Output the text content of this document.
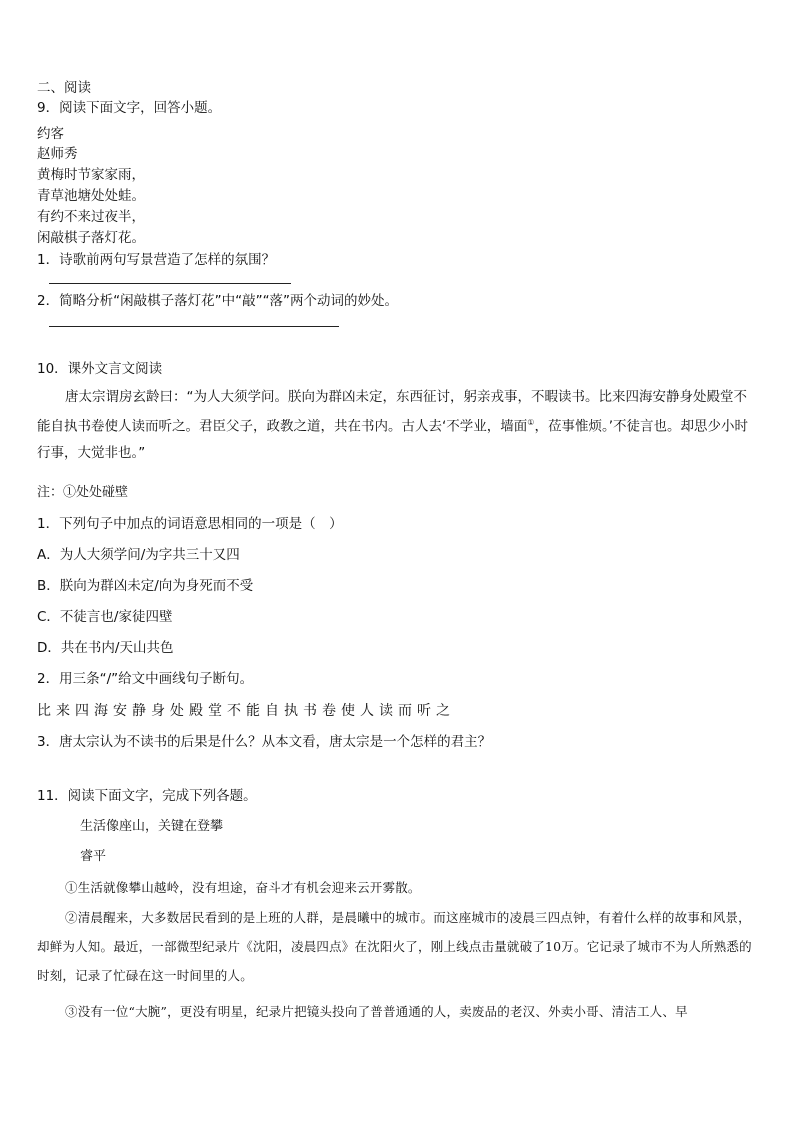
二、阅读
9．阅读下面文字，回答小题。
约客
赵师秀
黄梅时节家家雨，
青草池塘处处蛙。
有约不来过夜半，
闲敲棋子落灯花。
1．诗歌前两句写景营造了怎样的氛围？
2．简略分析“闲敲棋子落灯花”中“敲”“落”两个动词的妙处。
10．课外文言文阅读
唐太宗谓房玄龄曰：“为人大须学问。朕向为群凶未定，东西征讨，躬亲戎事，不暇读书。比来四海安静身处殿堂不能自执书卷使人读而听之。君臣父子，政教之道，共在书内。古人去‘不学业，墙面①，莅事惟烦。’不徒言也。却思少小时行事，大觉非也。”
注：①处处碰壁
1．下列句子中加点的词语意思相同的一项是（　）
A．为人大须学问/为字共三十又四
B．朕向为群凶未定/向为身死而不受
C．不徒言也/家徒四壁
D．共在书内/天山共色
2．用三条“/”给文中画线句子断句。
比来四海安静身处殿堂不能自执书卷使人读而听之
3．唐太宗认为不读书的后果是什么？从本文看，唐太宗是一个怎样的君主？
11．阅读下面文字，完成下列各题。
生活像座山，关键在登攀
睿平
①生活就像攀山越岭，没有坦途，奋斗才有机会迎来云开雾散。
②清晨醒来，大多数居民看到的是上班的人群，是晨曦中的城市。而这座城市的凌晨三四点钟，有着什么样的故事和风景，却鲜为人知。最近，一部微型纪录片《沈阳，凌晨四点》在沈阳火了，刚上线点击量就破了10万。它记录了城市不为人所熟悉的时刻，记录了忙碌在这一时间里的人。
③没有一位“大腕”，更没有明星，纪录片把镜头投向了普普通通的人，卖废品的老汉、外卖小哥、清洁工人、早
